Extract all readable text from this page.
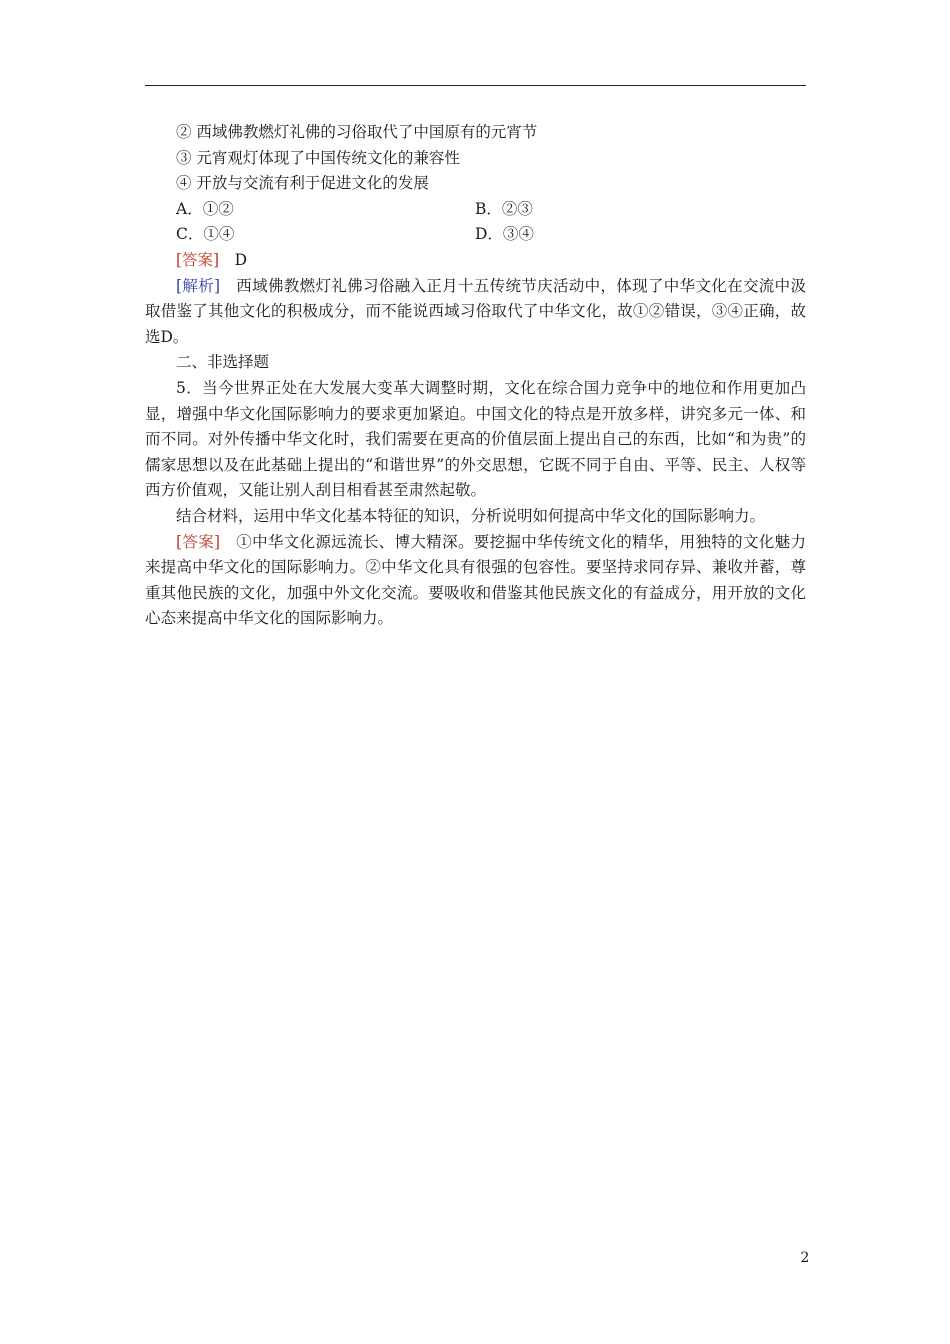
② 西域佛教燃灯礼佛的习俗取代了中国原有的元宵节
③ 元宵观灯体现了中国传统文化的兼容性
④ 开放与交流有利于促进文化的发展
A．①②	B．②③
C．①④	D．③④
[答案]　 D

[解析]　 西域佛教燃灯礼佛习俗融入正月十五传统节庆活动中，体现了中华文化在交流中汲取借鉴了其他文化的积极成分，而不能说西域习俗取代了中华文化，故①②错误，③④正确，故选D。

二、非选择题

5．当今世界正处在大发展大变革大调整时期，文化在综合国力竞争中的地位和作用更加凸显，增强中华文化国际影响力的要求更加紧迫。中国文化的特点是开放多样，讲究多元一体、和而不同。对外传播中华文化时，我们需要在更高的价值层面上提出自己的东西，比如“和为贵”的儒家思想以及在此基础上提出的“和谐世界”的外交思想，它既不同于自由、平等、民主、人权等西方价值观，又能让别人刮目相看甚至肃然起敬。

结合材料，运用中华文化基本特征的知识，分析说明如何提高中华文化的国际影响力。

[答案]　 ①中华文化源远流长、博大精深。要挖掘中华传统文化的精华，用独特的文化魅力来提高中华文化的国际影响力。②中华文化具有很强的包容性。要坚持求同存异、兼收并蓄，尊重其他民族的文化，加强中外文化交流。要吸收和借鉴其他民族文化的有益成分，用开放的文化心态来提高中华文化的国际影响力。

2
